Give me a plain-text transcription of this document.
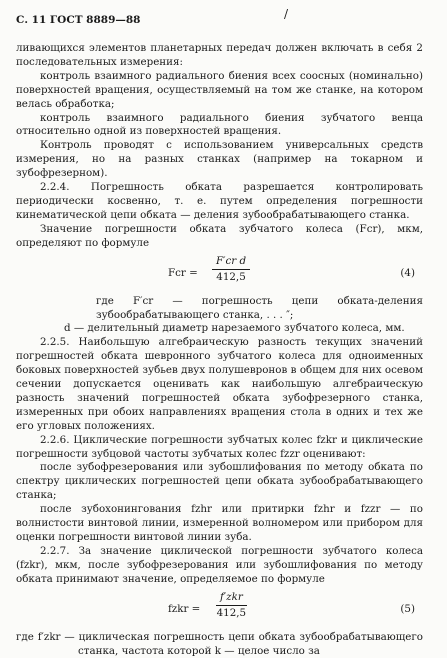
С. 11 ГОСТ 8889—88	/

ливающихся элементов планетарных передач должен включать в себя 2 последовательных измерения:

контроль взаимного радиального биения всех соосных (номинально) поверхностей вращения, осуществляемый на том же станке, на котором велась обработка;

контроль взаимного радиального биения зубчатого венца относительно одной из поверхностей вращения.

Контроль проводят с использованием универсальных средств измерения, но на разных станках (например на токарном и зубофрезерном).

2.2.4. Погрешность обката разрешается контролировать периодически косвенно, т. е. путем определения погрешности кинематической цепи обката — деления зубообрабатывающего станка.

Значение погрешности обката зубчатого колеса (Fсr), мкм, определяют по формуле

Fсr =
F′сr d
412,5	(4)

где F′сr — погрешность цепи обката-деления зубообрабатывающего станка, . . . ″;

d — делительный диаметр нарезаемого зубчатого колеса, мм.

2.2.5. Наибольшую алгебраическую разность текущих значений погрешностей обката шевронного зубчатого колеса для одноименных боковых поверхностей зубьев двух полушевронов в общем для них осевом сечении допускается оценивать как наибольшую алгебраическую разность значений погрешностей обката зубофрезерного станка, измеренных при обоих направлениях вращения стола в одних и тех же его угловых положениях.

2.2.6. Циклические погрешности зубчатых колес fzkr и циклические погрешности зубцовой частоты зубчатых колес fzzr оценивают:

после зубофрезерования или зубошлифования по методу обката по спектру циклических погрешностей цепи обката зубообрабатывающего станка;

после зубохонингования fzhr или притирки fzhr и fzzr — по волнистости винтовой линии, измеренной волномером или прибором для оценки погрешности винтовой линии зуба.

2.2.7. За значение циклической погрешности зубчатого колеса (fzkr), мкм, после зубофрезерования или зубошлифования по методу обката принимают значение, определяемое по формуле

fzkr =
f′zkr
412,5	(5)

где f′zkr — циклическая погрешность цепи обката зубообрабатывающего станка, частота которой k — целое число за
